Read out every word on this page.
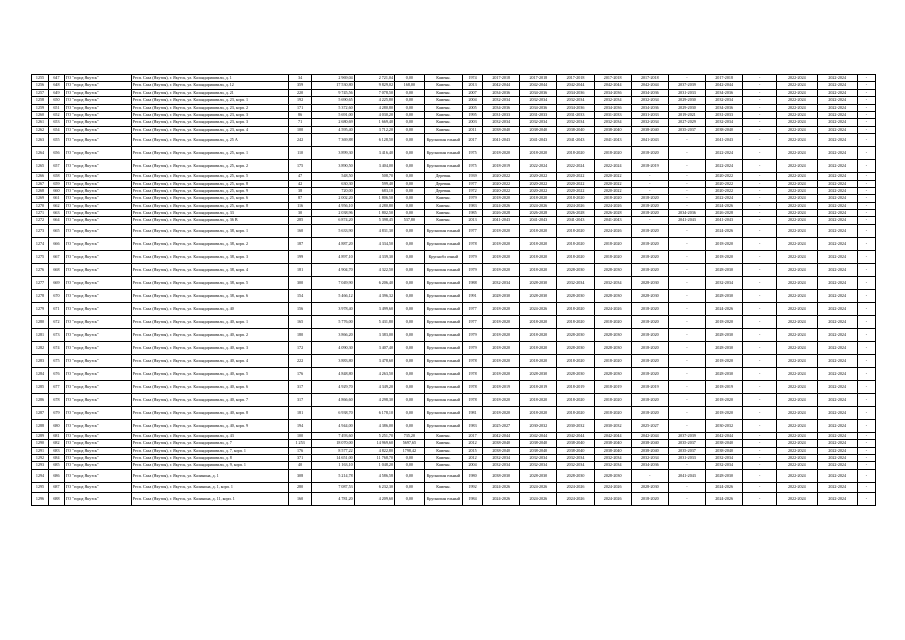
1255	647	ГО "город Якутск"	Респ. Саха (Якутия), г. Якутск, ул. Каландаришвили, д. 1	34	2 969,04	2 721,04	0,00	Каменн.	1974	2017-2018	2017-2018	2017-2018	2017-2018	2017-2018	-	2017-2018	-	2022-2024	2022-2024	-
1256	648	ГО "город Якутск"	Респ. Саха (Якутия), г. Якутск, ул. Каландаришвили, д. 12	359	17 530,80	9 829,02	168,00	Каменн.	2013	2042-2044	2042-2044	2042-2044	2042-2044	2042-2044	2037-2039	2042-2044	-	2022-2024	2022-2024	-
1257	649	ГО "город Якутск"	Респ. Саха (Якутия), г. Якутск, ул. Каландаришвили, д. 21	220	9 745,56	7 078,50	0,00	Каменн.	2007	2034-2036	2034-2036	2034-2036	2034-2036	2034-2036	2031-2033	2034-2036	-	2022-2024	2022-2024	-
1258	650	ГО "город Якутск"	Респ. Саха (Якутия), г. Якутск, ул. Каландаришвили, д. 23, корп. 1	192	5 690,65	4 225,80	0,00	Каменн.	2004	2032-2034	2032-2034	2032-2034	2032-2034	2032-2034	2029-2030	2032-2034	-	2022-2024	2022-2024	-
1259	651	ГО "город Якутск"	Респ. Саха (Якутия), г. Якутск, ул. Каландаришвили, д. 23, корп. 2	171	5 372,60	4 280,80	0,00	Каменн.	2005	2034-2036	2034-2036	2034-2036	2034-2036	2034-2036	2029-2030	2034-2036	-	2022-2024	2022-2024	-
1260	652	ГО "город Якутск"	Респ. Саха (Якутия), г. Якутск, ул. Каландаришвили, д. 23, корп. 3	86	5 691,00	4 030,20	0,00	Каменн.	1995	2031-2033	2031-2033	2031-2033	2031-2033	2031-2033	2019-2021	2031-2033	-	2022-2024	2022-2024	-
1261	653	ГО "город Якутск"	Респ. Саха (Якутия), г. Якутск, ул. Каландаришвили, д. 23, корп. 3	71	2 680,69	1 669,40	0,00	Каменн.	2003	2032-2034	2032-2034	2032-2034	2032-2034	2032-2034	2027-2029	2032-2034	-	2022-2024	2022-2024	-
1262	654	ГО "город Якутск"	Респ. Саха (Якутия), г. Якутск, ул. Каландаришвили, д. 23, корп. 4	100	4 595,40	3 712,20	0,00	Каменн.	2011	2038-2040	2038-2040	2038-2040	2038-2040	2038-2040	2035-2037	2038-2040	-	2022-2024	2022-2024	-
1263	655	ГО "город Якутск"	Респ. Саха (Якутия), г. Якутск, ул. Каландаришвили, д. 25 А	242	7 369,88	6 128,50	0,00	Крупнопан ельный	2017	2041-2043	2041-2043	2041-2043	2041-2043	2041-2043	-	2041-2043	-	2022-2024	2022-2024	-
1264	656	ГО "город Якутск"	Респ. Саха (Якутия), г. Якутск, ул. Каландаришвили, д. 25, корп. 1	110	3 899,30	3 416,40	0,00	Крупнопан ельный	1975	2018-2020	2018-2020	2018-2020	2018-2020	2018-2020	-	2022-2024	-	2022-2024	2022-2024	-
1265	657	ГО "город Якутск"	Респ. Саха (Якутия), г. Якутск, ул. Каландаришвили, д. 25, корп. 2	175	3 890,50	3 404,00	0,00	Крупнопан ельный	1975	2018-2019	2022-2024	2022-2024	2022-2024	2018-2019	-	2022-2024	-	2022-2024	2022-2024	-
1266	658	ГО "город Якутск"	Респ. Саха (Якутия), г. Якутск, ул. Каландаришвили, д. 25, корп. 5	47	548,50	508,70	0,00	Деревян.	1939	2020-2022	2020-2022	2020-2022	2020-2022	-	-	2020-2022	-	2022-2024	2022-2024	-
1267	659	ГО "город Якутск"	Респ. Саха (Якутия), г. Якутск, ул. Каландаришвили, д. 25, корп. 8	42	630,30	599,40	0,00	Деревян.	1977	2020-2022	2020-2022	2020-2022	2020-2022	-	-	2020-2022	-	2022-2024	2022-2024	-
1268	660	ГО "город Якутск"	Респ. Саха (Якутия), г. Якутск, ул. Каландаришвили, д. 25, корп. 9	38	720,00	683,10	0,00	Деревян.	1972	2020-2022	2020-2022	2020-2022	2020-2022	-	-	2020-2022	-	2022-2024	2022-2024	-
1269	661	ГО "город Якутск"	Респ. Саха (Якутия), г. Якутск, ул. Каландаришвили, д. 25, корп. 6	87	2 002,20	1 806,50	0,00	Каменн.	1979	2018-2020	2018-2020	2018-2020	2018-2020	2018-2020	-	2022-2024	-	2022-2024	2022-2024	-
1270	662	ГО "город Якутск"	Респ. Саха (Якутия), г. Якутск, ул. Каландаришвили, д. 25, корп. 8	116	4 956,10	4 280,80	0,00	Каменн.	1983	2024-2026	2024-2026	2024-2026	2024-2026	2018-2020	-	2024-2026	-	2022-2024	2022-2024	-
1271	663	ГО "город Якутск"	Респ. Саха (Якутия), г. Якутск, ул. Каландаришвили, д. 33	30	2 038,96	1 802,50	0,00	Каменн.	1985	2026-2028	2026-2028	2026-2028	2026-2028	2018-2020	2034-2036	2026-2028	-	2022-2024	2022-2024	-
1272	664	ГО "город Якутск"	Респ. Саха (Якутия), г. Якутск, ул. Каландаришвили, д. 36 В	285	6 874,20	5 398,45	537,80	Каменн.	2013	2041-2043	2041-2043	2041-2043	2041-2043	-	2041-2043	2041-2043	-	2022-2024	2022-2024	-
1273	665	ГО "город Якутск"	Респ. Саха (Якутия), г. Якутск, ул. Каландаришвили, д. 38, корп. 1	160	5 633,90	4 831,30	0,00	Крупнопан ельный	1977	2018-2020	2018-2020	2018-2020	2024-2026	2018-2020	-	2024-2026	-	2022-2024	2022-2024	-
1274	666	ГО "город Якутск"	Респ. Саха (Якутия), г. Якутск, ул. Каландаришвили, д. 38, корп. 2	187	4 887,20	4 334,50	0,00	Крупнопан ельный	1978	2018-2020	2018-2020	2018-2020	2018-2020	2018-2020	-	2018-2020	-	2022-2024	2022-2024	-
1275	667	ГО "город Якутск"	Респ. Саха (Якутия), г. Якутск, ул. Каландаришвили, д. 38, корп. 3	199	4 897,10	4 339,30	0,00	Крупнобл очный	1979	2018-2020	2018-2020	2018-2020	2018-2020	2018-2020	-	2018-2020	-	2022-2024	2022-2024	-
1276	668	ГО "город Якутск"	Респ. Саха (Якутия), г. Якутск, ул. Каландаришвили, д. 38, корп. 4	181	4 904,70	4 322,50	0,00	Крупнопан ельный	1979	2018-2020	2018-2020	2028-2030	2028-2030	2018-2020	-	2028-2030	-	2022-2024	2022-2024	-
1277	669	ГО "город Якутск"	Респ. Саха (Якутия), г. Якутск, ул. Каландаришвили, д. 38, корп. 5	300	7 049,90	6 206,40	0,00	Крупнопан ельный	1988	2032-2034	2028-2030	2032-2034	2032-2034	2028-2030	-	2032-2034	-	2022-2024	2022-2024	-
1278	670	ГО "город Якутск"	Респ. Саха (Якутия), г. Якутск, ул. Каландаришвили, д. 38, корп. 6	154	5 466,12	4 396,32	0,00	Крупнопан ельный	1991	2028-2030	2028-2030	2028-2030	2028-2030	2028-2030	-	2028-2030	-	2022-2024	2022-2024	-
1279	671	ГО "город Якутск"	Респ. Саха (Якутия), г. Якутск, ул. Каландаришвили, д. 40	156	3 978,40	3 499,60	0,00	Крупнопан ельный	1977	2018-2020	2024-2026	2018-2020	2024-2026	2018-2020	-	2024-2026	-	2022-2024	2022-2024	-
1280	672	ГО "город Якутск"	Респ. Саха (Якутия), г. Якутск, ул. Каландаришвили, д. 40, корп. 1	165	5 776,00	5 431,80	0,00	Крупнопан ельный	1977	2018-2020	2018-2020	2018-2020	2018-2020	2018-2020	-	2018-2020	-	2022-2024	2022-2024	-
1281	673	ГО "город Якутск"	Респ. Саха (Якутия), г. Якутск, ул. Каландаришвили, д. 40, корп. 2	180	3 866,20	3 383,00	0,00	Крупнопан ельный	1979	2018-2020	2018-2020	2028-2030	2028-2030	2018-2020	-	2028-2030	-	2022-2024	2022-2024	-
1282	674	ГО "город Якутск"	Респ. Саха (Якутия), г. Якутск, ул. Каландаришвили, д. 40, корп. 3	172	4 090,30	3 407,40	0,00	Крупнопан ельный	1979	2018-2020	2018-2020	2028-2030	2028-2030	2018-2020	-	2028-2030	-	2022-2024	2022-2024	-
1283	675	ГО "город Якутск"	Респ. Саха (Якутия), г. Якутск, ул. Каландаришвили, д. 40, корп. 4	222	3 883,80	3 478,60	0,00	Крупнопан ельный	1978	2018-2020	2018-2020	2018-2020	2018-2020	2018-2020	-	2018-2020	-	2022-2024	2022-2024	-
1284	676	ГО "город Якутск"	Респ. Саха (Якутия), г. Якутск, ул. Каландаришвили, д. 40, корп. 5	176	4 848,80	4 263,50	0,00	Крупнопан ельный	1978	2018-2020	2028-2030	2028-2030	2028-2030	2018-2020	-	2028-2030	-	2022-2024	2022-2024	-
1285	677	ГО "город Якутск"	Респ. Саха (Якутия), г. Якутск, ул. Каландаришвили, д. 40, корп. 6	317	4 929,70	4 349,20	0,00	Крупнопан ельный	1978	2018-2019	2018-2019	2018-2019	2018-2019	2018-2019	-	2018-2019	-	2022-2024	2022-2024	-
1286	678	ГО "город Якутск"	Респ. Саха (Якутия), г. Якутск, ул. Каландаришвили, д. 40, корп. 7	317	4 866,60	4 298,30	0,00	Крупнопан ельный	1978	2018-2020	2018-2020	2018-2020	2018-2020	2018-2020	-	2018-2020	-	2022-2024	2022-2024	-
1287	679	ГО "город Якутск"	Респ. Саха (Якутия), г. Якутск, ул. Каландаришвили, д. 40, корп. 8	181	6 938,70	6 178,10	0,00	Крупнопан ельный	1981	2018-2020	2018-2020	2018-2020	2018-2020	2018-2020	-	2018-2020	-	2022-2024	2022-2024	-
1288	680	ГО "город Якутск"	Респ. Саха (Якутия), г. Якутск, ул. Каландаришвили, д. 40, корп. 9	194	4 944,00	4 386,00	0,00	Крупнопан ельный	1983	2025-2027	2030-2032	2030-2032	2030-2032	2025-2027	-	2030-2032	-	2022-2024	2022-2024	-
1289	681	ГО "город Якутск"	Респ. Саха (Якутия), г. Якутск, ул. Каландаришвили, д. 43	100	7 493,60	5 251,70	735,20	Каменн.	2017	2042-2044	2042-2044	2042-2044	2042-2044	2042-2044	2037-2039	2042-2044	-	2022-2024	2022-2024	-
1290	682	ГО "город Якутск"	Респ. Саха (Якутия), г. Якутск, ул. Каландаришвили, д. 7	1 253	18 070,00	14 969,60	5697,65	Каменн.	2012	2038-2040	2038-2040	2038-2040	2038-2040	2038-2040	2035-2037	2038-2040	-	2022-2024	2022-2024	-
1291	683	ГО "город Якутск"	Респ. Саха (Якутия), г. Якутск, ул. Каландаришвили, д. 7, корп. 1	176	8 577,22	4 822,80	1798,42	Каменн.	2015	2038-2040	2038-2040	2038-2040	2038-2040	2038-2040	2035-2037	2038-2040	-	2022-2024	2022-2024	-
1292	684	ГО "город Якутск"	Респ. Саха (Якутия), г. Якутск, ул. Каландаришвили, д. 8	371	14 651,00	11 768,70	0,00	Каменн.	2012	2032-2034	2032-2034	2032-2034	2032-2034	2032-2034	2031-2033	2032-2034	-	2022-2024	2022-2024	-
1293	685	ГО "город Якутск"	Респ. Саха (Якутия), г. Якутск, ул. Каландаришвили, д. 9, корп. 1	40	1 163,10	1 048,20	0,00	Каменн.	2004	2032-2034	2032-2034	2032-2034	2032-2034	2034-2036	-	2032-2034	-	2022-2024	2022-2024	-
1294	686	ГО "город Якутск"	Респ. Саха (Якутия), г. Якутск, ул. Калинина, д. 1	308	5 214,78	4 586,58	0,00	Крупнопан ельный	1980	2038-2030	2028-2030	2028-2030	2028-2030	-	2041-2043	2028-2030	-	2022-2024	2022-2024	-
1295	687	ГО "город Якутск"	Респ. Саха (Якутия), г. Якутск, ул. Калинина, д. 1, корп. 1	280	7 087,53	6 232,30	0,00	Каменн.	1992	2024-2026	2024-2026	2024-2026	2024-2026	2028-2030	-	2024-2026	-	2022-2024	2022-2024	-
1296	688	ГО "город Якутск"	Респ. Саха (Якутия), г. Якутск, ул. Калинина, д. 11, корп. 1	160	4 781,20	4 209,60	0,00	Крупнопан ельный	1984	2024-2026	2024-2026	2024-2026	2024-2026	2018-2020	-	2024-2026	-	2022-2024	2022-2024	-
